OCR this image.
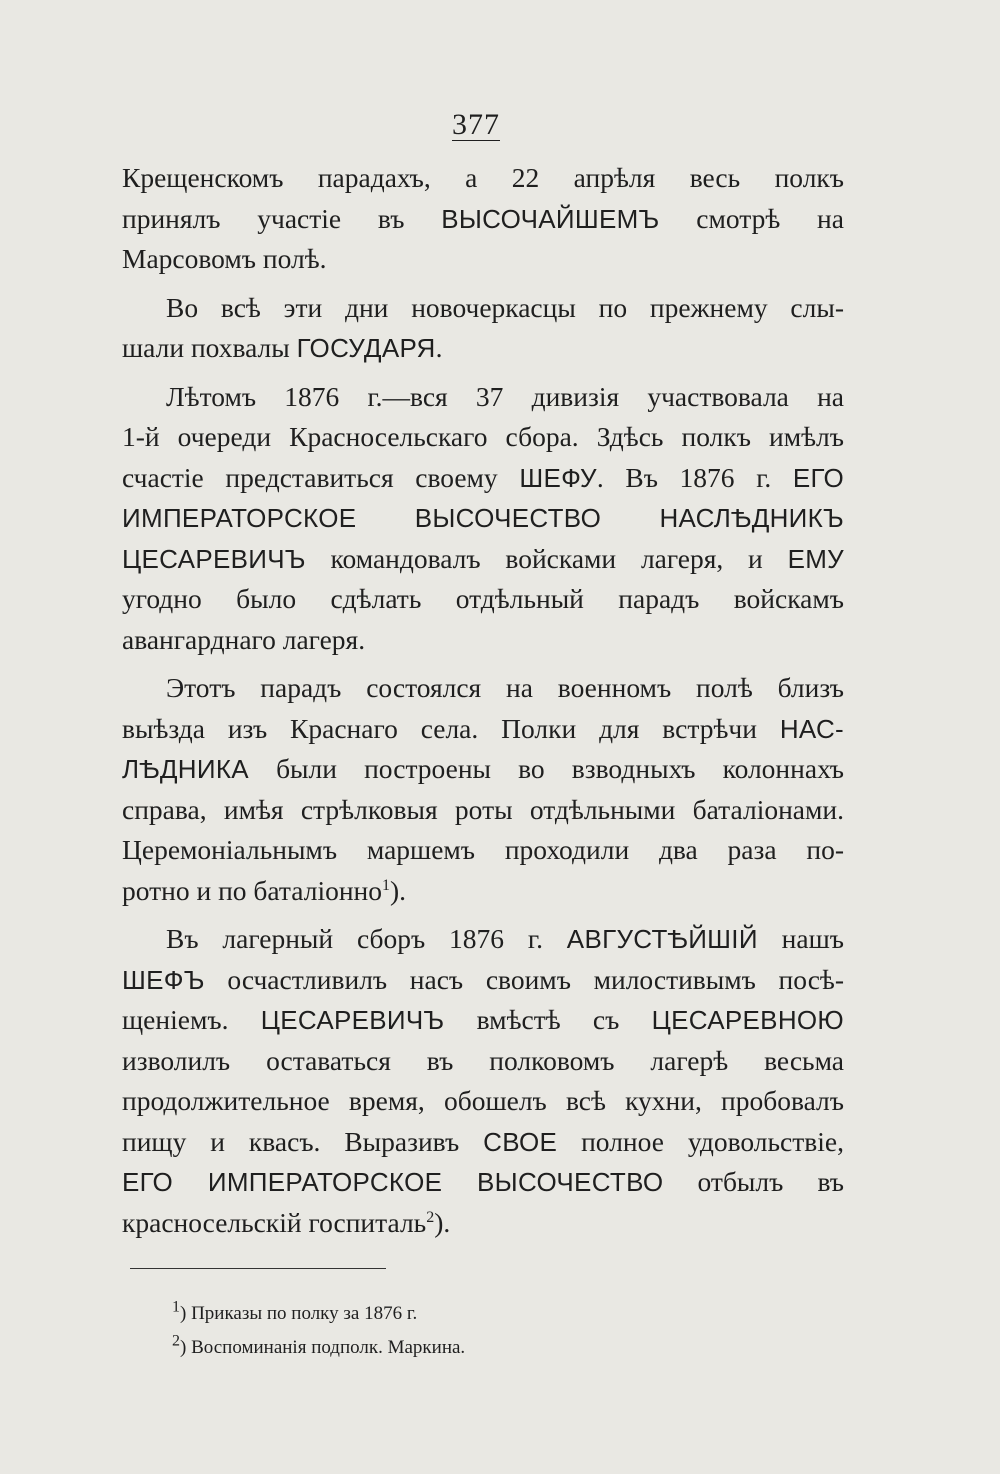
377
Крещенскомъ парадахъ, а 22 апрѣля весь полкъ
принялъ участіе въ ВЫСОЧАЙШЕМЪ смотрѣ на
Марсовомъ полѣ.
Во всѣ эти дни новочеркасцы по прежнему слы-
шали похвалы ГОСУДАРЯ.
Лѣтомъ 1876 г.—вся 37 дивизія участвовала на
1-й очереди Красносельскаго сбора. Здѣсь полкъ имѣлъ
счастіе представиться своему ШЕФУ. Въ 1876 г. ЕГО
ИМПЕРАТОРСКОЕ ВЫСОЧЕСТВО НАСЛѢДНИКЪ
ЦЕСАРЕВИЧЪ командовалъ войсками лагеря, и ЕМУ
угодно было сдѣлать отдѣльный парадъ войскамъ
авангарднаго лагеря.
Этотъ парадъ состоялся на военномъ полѣ близъ
выѣзда изъ Краснаго села. Полки для встрѣчи НАС-
ЛѢДНИКА были построены во взводныхъ колоннахъ
справа, имѣя стрѣлковыя роты отдѣльными баталіонами.
Церемоніальнымъ маршемъ проходили два раза по-
ротно и по баталіонно$^1$).
Въ лагерный сборъ 1876 г. АВГУСТѢЙШІЙ нашъ
ШЕФЪ осчастливилъ насъ своимъ милостивымъ посѣ-
щеніемъ. ЦЕСАРЕВИЧЪ вмѣстѣ съ ЦЕСАРЕВНОЮ
изволилъ оставаться въ полковомъ лагерѣ весьма
продолжительное время, обошелъ всѣ кухни, пробовалъ
пищу и квасъ. Выразивъ СВОЕ полное удовольствіе,
ЕГО ИМПЕРАТОРСКОЕ ВЫСОЧЕСТВО отбылъ въ
красносельскій госпиталь$^2$).
$^1$) Приказы по полку за 1876 г.
$^2$) Воспоминанія подполк. Маркина.
